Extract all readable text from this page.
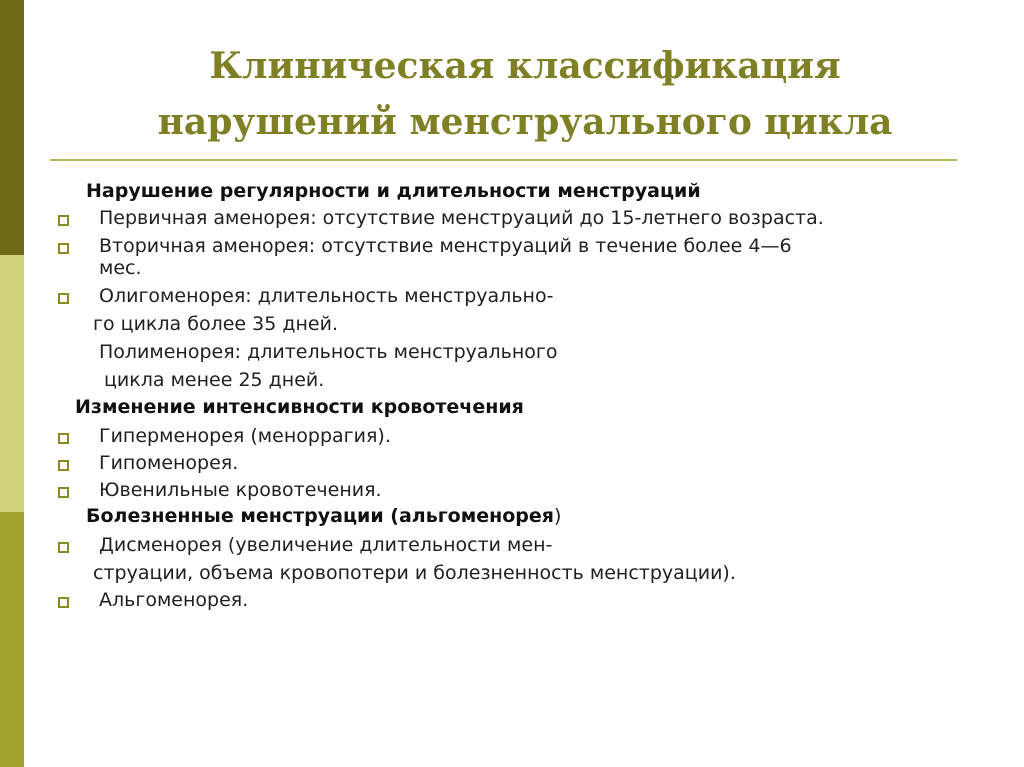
Клиническая классификация
нарушений менструального цикла
Нарушение регулярности и длительности менструаций
Первичная аменорея: отсутствие менструаций до 15-летнего возраста.
Вторичная аменорея: отсутствие менструаций в течение более 4—6
мес.
Олигоменорея: длительность менструально-
го цикла более 35 дней.
Полименорея: длительность менструального
цикла менее 25 дней.
Изменение интенсивности кровотечения
Гиперменорея (меноррагия).
Гипоменорея.
Ювенильные кровотечения.
Болезненные менструации (альгоменорея)
Дисменорея (увеличение длительности мен-
струации, объема кровопотери и болезненность менструации).
Альгоменорея.
